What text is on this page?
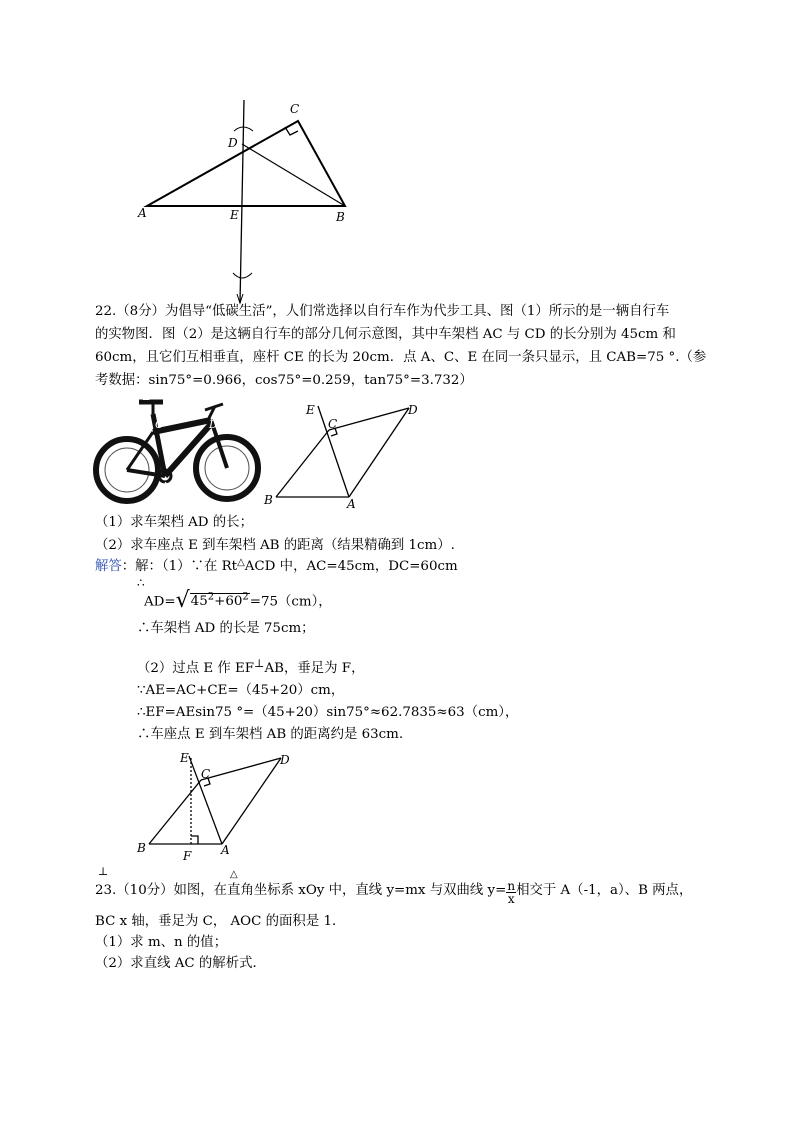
C
D
A	E	B
22.（8分）为倡导“低碳生活”，人们常选择以自行车作为代步工具、图（1）所示的是一辆自行车
的实物图．图（2）是这辆自行车的部分几何示意图，其中车架档 AC 与 CD 的长分别为 45cm 和
60cm，且它们互相垂直，座杆 CE 的长为 20cm．点 A、C、E 在同一条只显示，且 CAB=75 °.（参
考数据：sin75°=0.966，cos75°=0.259，tan75°=3.732）
E
C	D
B
A
E
C
D
B	A
（1）求车架档 AD 的长；
（2）求车座点 E 到车架档 AB 的距离（结果精确到 1cm）.
解答：解：（1）∵在 Rt△ACD 中，AC=45cm，DC=60cm
∴
$AD=√45^2+60^2=75(cm)$，
∴车架档 AD 的长是 75cm；
（2）过点 E 作 EF⊥AB，垂足为 F，
∵AE=AC+CE=（45+20）cm，
∴EF=AEsin75 °=（45+20）sin75°≈62.7835≈63（cm），
∴车座点 E 到车架档 AB 的距离约是 63cm.
E
C
D
B
F A
⊥	△
23.（10分）如图，在直角坐标系 xOy 中，直线 y=mx 与双曲线 $y= \frac{n}{x}$ 相交于 A（-1，a）、B 两点，
BC x 轴，垂足为 C， AOC 的面积是 1．
（1）求 m、n 的值；
（2）求直线 AC 的解析式．
